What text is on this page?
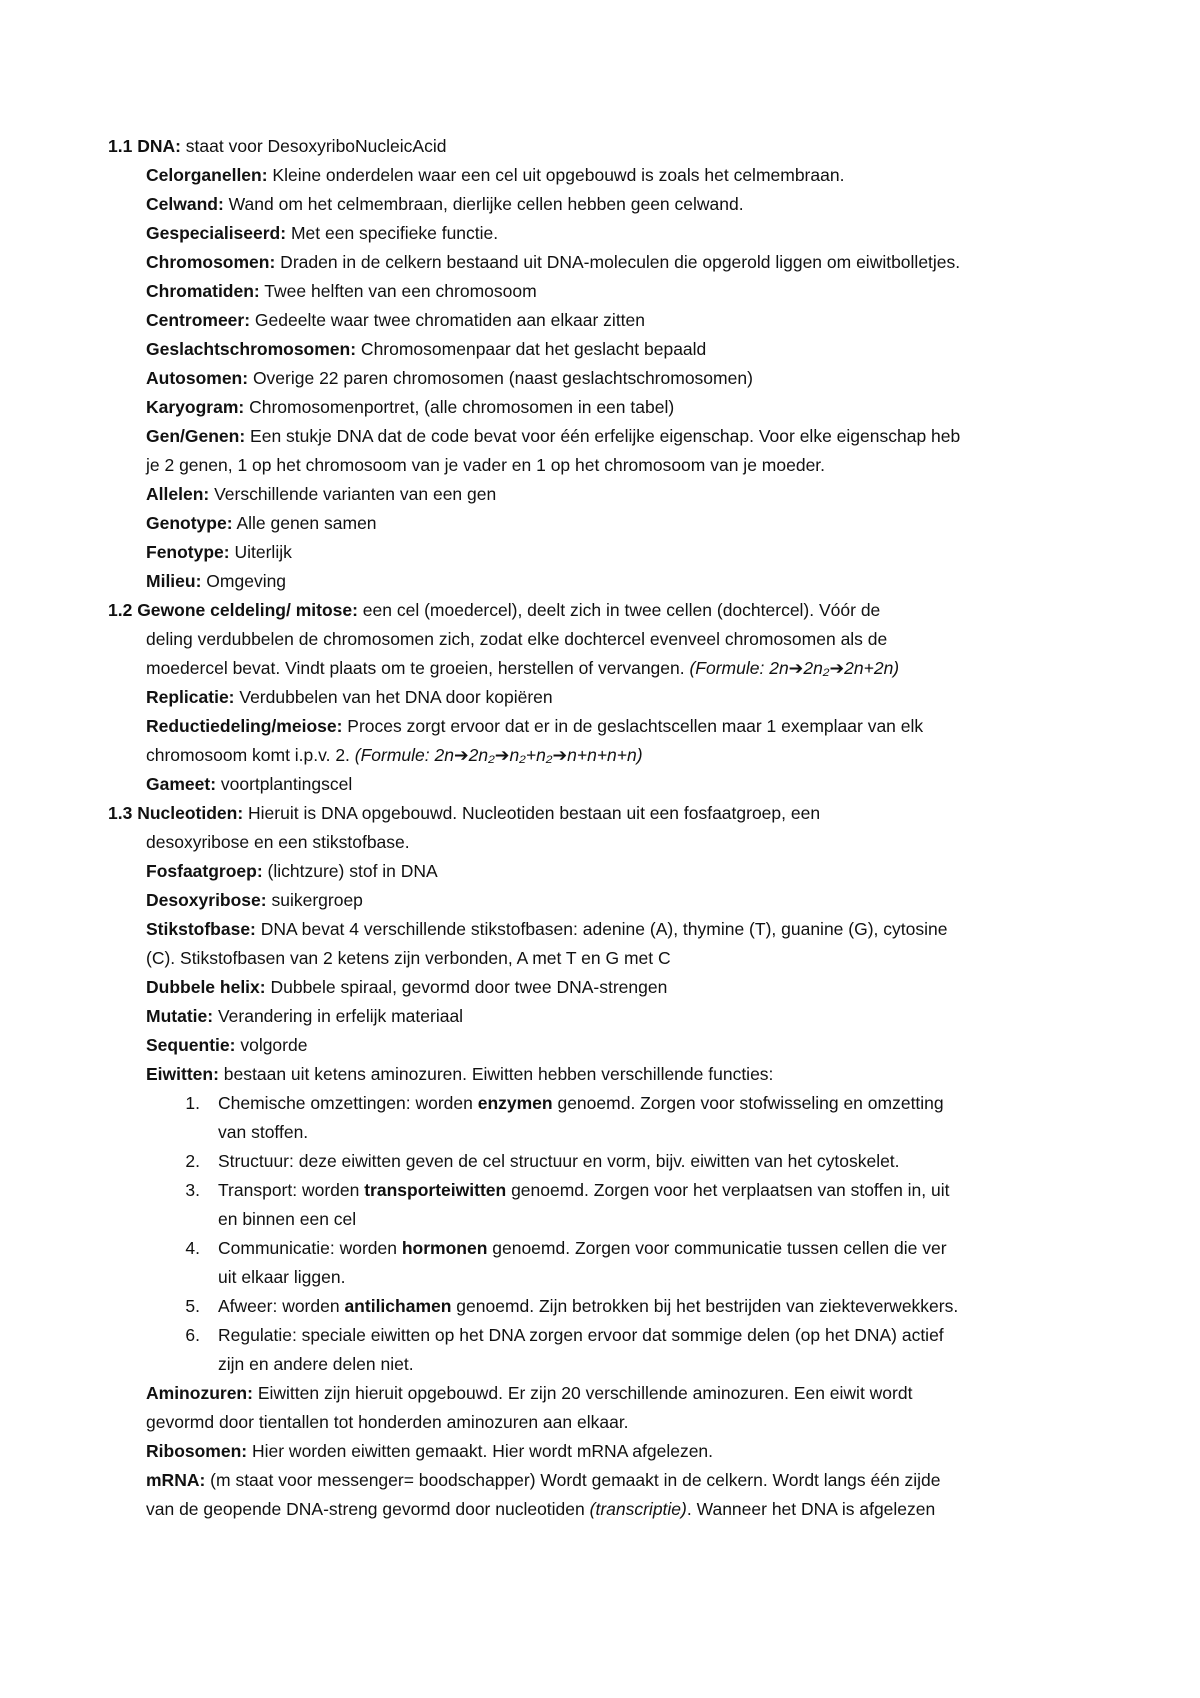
1.1 DNA: staat voor DesoxyriboNucleicAcid
Celorganellen: Kleine onderdelen waar een cel uit opgebouwd is zoals het celmembraan.
Celwand: Wand om het celmembraan, dierlijke cellen hebben geen celwand.
Gespecialiseerd: Met een specifieke functie.
Chromosomen: Draden in de celkern bestaand uit DNA-moleculen die opgerold liggen om eiwitbolletjes.
Chromatiden: Twee helften van een chromosoom
Centromeer: Gedeelte waar twee chromatiden aan elkaar zitten
Geslachtschromosomen: Chromosomenpaar dat het geslacht bepaald
Autosomen: Overige 22 paren chromosomen (naast geslachtschromosomen)
Karyogram: Chromosomenportret, (alle chromosomen in een tabel)
Gen/Genen: Een stukje DNA dat de code bevat voor één erfelijke eigenschap. Voor elke eigenschap heb
je 2 genen, 1 op het chromosoom van je vader en 1 op het chromosoom van je moeder.
Allelen: Verschillende varianten van een gen
Genotype: Alle genen samen
Fenotype: Uiterlijk
Milieu: Omgeving
1.2 Gewone celdeling/ mitose: een cel (moedercel), deelt zich in twee cellen (dochtercel). Vóór de
deling verdubbelen de chromosomen zich, zodat elke dochtercel evenveel chromosomen als de
moedercel bevat. Vindt plaats om te groeien, herstellen of vervangen. (Formule: 2n➔2n₂➔2n+2n)
Replicatie: Verdubbelen van het DNA door kopiëren
Reductiedeling/meiose: Proces zorgt ervoor dat er in de geslachtscellen maar 1 exemplaar van elk
chromosoom komt i.p.v. 2. (Formule: 2n➔2n₂➔n₂+n₂➔n+n+n+n)
Gameet: voortplantingscel
1.3 Nucleotiden: Hieruit is DNA opgebouwd. Nucleotiden bestaan uit een fosfaatgroep, een
desoxyribose en een stikstofbase.
Fosfaatgroep: (lichtzure) stof in DNA
Desoxyribose: suikergroep
Stikstofbase: DNA bevat 4 verschillende stikstofbasen: adenine (A), thymine (T), guanine (G), cytosine
(C). Stikstofbasen van 2 ketens zijn verbonden, A met T en G met C
Dubbele helix: Dubbele spiraal, gevormd door twee DNA-strengen
Mutatie: Verandering in erfelijk materiaal
Sequentie: volgorde
Eiwitten: bestaan uit ketens aminozuren. Eiwitten hebben verschillende functies:
Chemische omzettingen: worden enzymen genoemd. Zorgen voor stofwisseling en omzetting
1.
van stoffen.
Structuur: deze eiwitten geven de cel structuur en vorm, bijv. eiwitten van het cytoskelet.
2.
Transport: worden transporteiwitten genoemd. Zorgen voor het verplaatsen van stoffen in, uit
3.
en binnen een cel
Communicatie: worden hormonen genoemd. Zorgen voor communicatie tussen cellen die ver
4.
uit elkaar liggen.
Afweer: worden antilichamen genoemd. Zijn betrokken bij het bestrijden van ziekteverwekkers.
5.
Regulatie: speciale eiwitten op het DNA zorgen ervoor dat sommige delen (op het DNA) actief
6.
zijn en andere delen niet.
Aminozuren: Eiwitten zijn hieruit opgebouwd. Er zijn 20 verschillende aminozuren. Een eiwit wordt
gevormd door tientallen tot honderden aminozuren aan elkaar.
Ribosomen: Hier worden eiwitten gemaakt. Hier wordt mRNA afgelezen.
mRNA: (m staat voor messenger= boodschapper) Wordt gemaakt in de celkern. Wordt langs één zijde
van de geopende DNA-streng gevormd door nucleotiden (transcriptie). Wanneer het DNA is afgelezen
